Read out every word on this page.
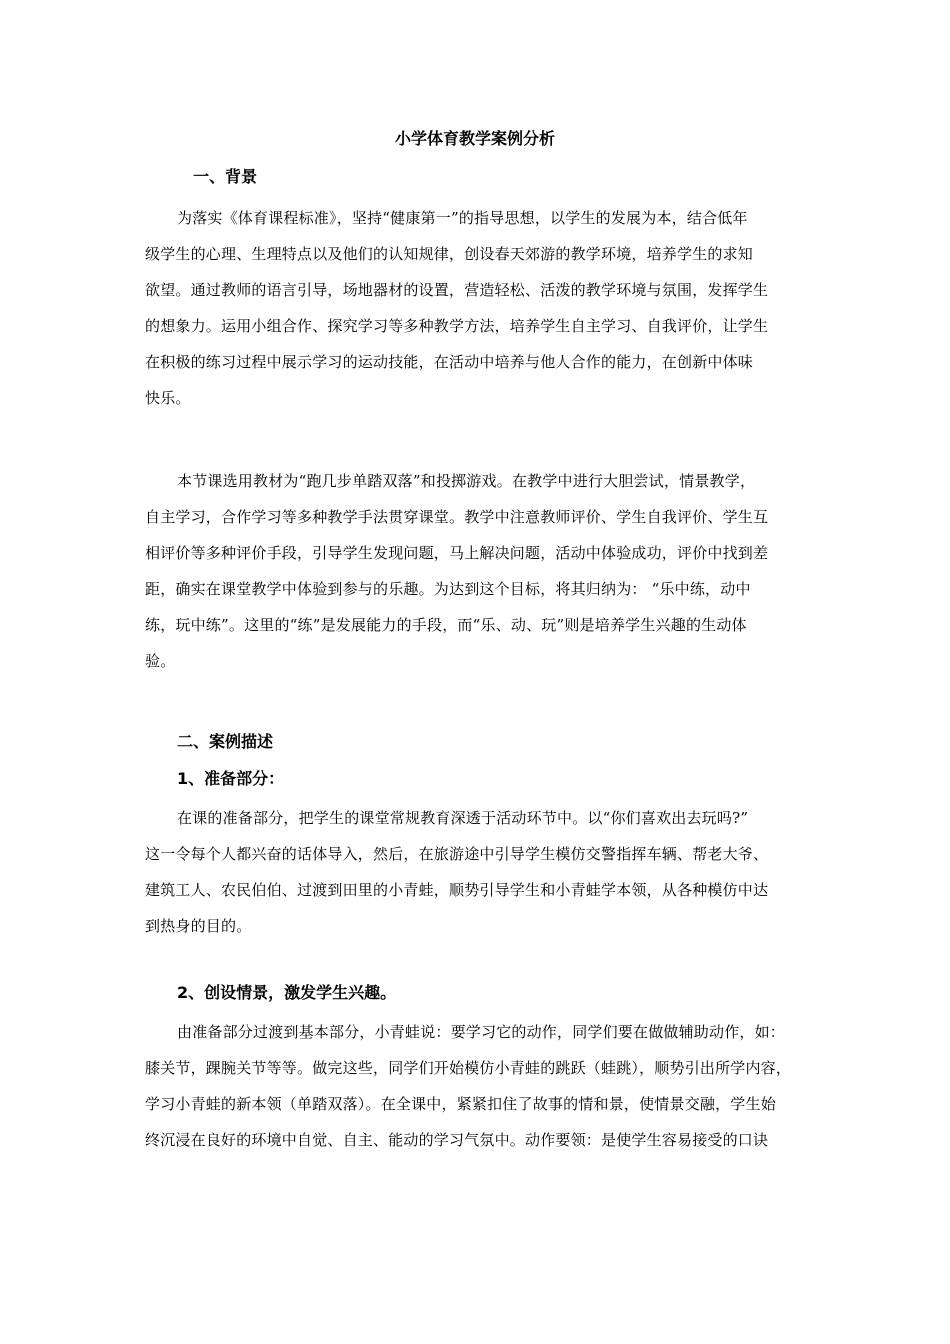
小学体育教学案例分析
一、背景
为落实《体育课程标准》，坚持“健康第一”的指导思想，以学生的发展为本，结合低年
级学生的心理、生理特点以及他们的认知规律，创设春天郊游的教学环境，培养学生的求知
欲望。通过教师的语言引导，场地器材的设置，营造轻松、活泼的教学环境与氛围，发挥学生
的想象力。运用小组合作、探究学习等多种教学方法，培养学生自主学习、自我评价，让学生
在积极的练习过程中展示学习的运动技能，在活动中培养与他人合作的能力，在创新中体味
快乐。
本节课选用教材为“跑几步单踏双落”和投掷游戏。在教学中进行大胆尝试，情景教学，
自主学习，合作学习等多种教学手法贯穿课堂。教学中注意教师评价、学生自我评价、学生互
相评价等多种评价手段，引导学生发现问题，马上解决问题，活动中体验成功，评价中找到差
距，确实在课堂教学中体验到参与的乐趣。为达到这个目标，将其归纳为： “乐中练，动中
练，玩中练”。这里的“练”是发展能力的手段，而“乐、动、玩”则是培养学生兴趣的生动体
验。
二、案例描述
1、准备部分：
在课的准备部分，把学生的课堂常规教育深透于活动环节中。以“你们喜欢出去玩吗?”
这一令每个人都兴奋的话体导入，然后，在旅游途中引导学生模仿交警指挥车辆、帮老大爷、
建筑工人、农民伯伯、过渡到田里的小青蛙，顺势引导学生和小青蛙学本领，从各种模仿中达
到热身的目的。
2、创设情景，激发学生兴趣。
由准备部分过渡到基本部分，小青蛙说：要学习它的动作，同学们要在做做辅助动作，如：
膝关节，踝腕关节等等。做完这些，同学们开始模仿小青蛙的跳跃（蛙跳），顺势引出所学内容，
学习小青蛙的新本领（单踏双落）。在全课中，紧紧扣住了故事的情和景，使情景交融，学生始
终沉浸在良好的环境中自觉、自主、能动的学习气氛中。动作要领：是使学生容易接受的口诀
